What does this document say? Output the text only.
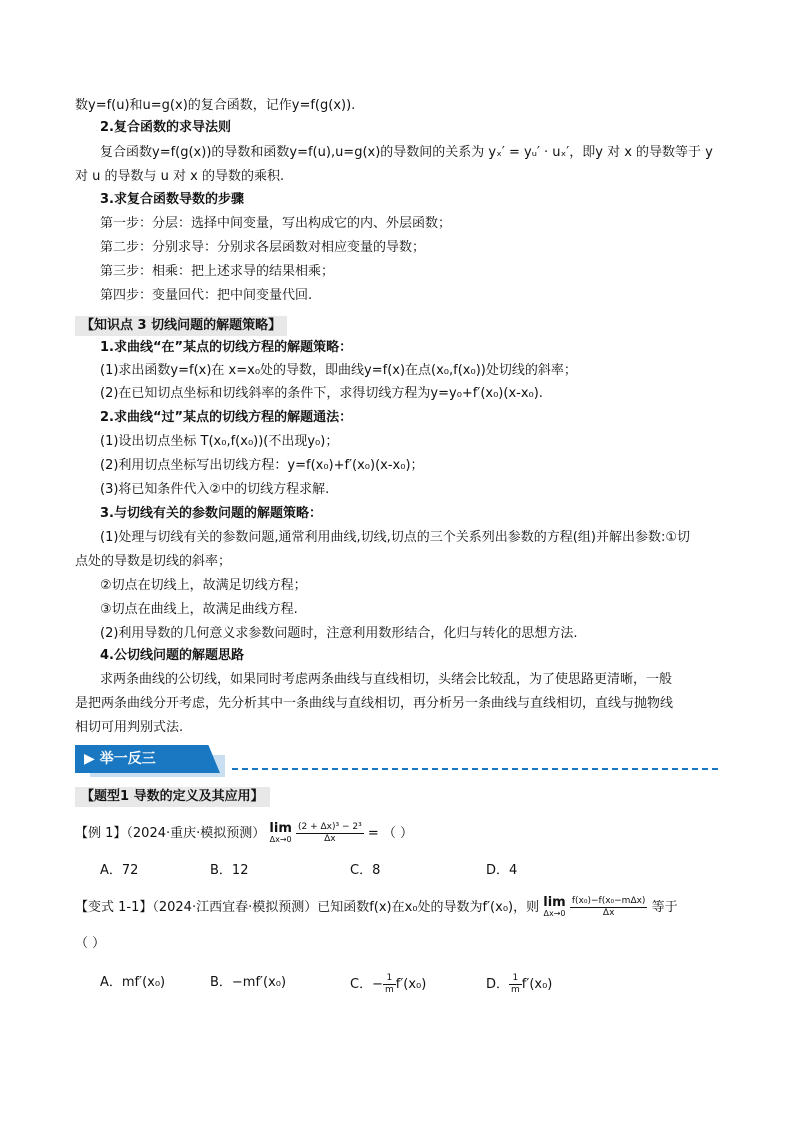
数y=f(u)和u=g(x)的复合函数，记作y=f(g(x)).
2.复合函数的求导法则
复合函数y=f(g(x))的导数和函数y=f(u),u=g(x)的导数间的关系为 yₓ′ = yᵤ′ · uₓ′，即y 对 x 的导数等于 y
对 u 的导数与 u 对 x 的导数的乘积.
3.求复合函数导数的步骤
第一步：分层：选择中间变量，写出构成它的内、外层函数；
第二步：分别求导：分别求各层函数对相应变量的导数；
第三步：相乘：把上述求导的结果相乘；
第四步：变量回代：把中间变量代回.
【知识点 3 切线问题的解题策略】
1.求曲线“在”某点的切线方程的解题策略：
(1)求出函数y=f(x)在 x=x₀处的导数，即曲线y=f(x)在点(x₀,f(x₀))处切线的斜率；
(2)在已知切点坐标和切线斜率的条件下，求得切线方程为y=y₀+f′(x₀)(x-x₀).
2.求曲线“过”某点的切线方程的解题通法：
(1)设出切点坐标 T(x₀,f(x₀))(不出现y₀)；
(2)利用切点坐标写出切线方程：y=f(x₀)+f′(x₀)(x-x₀)；
(3)将已知条件代入②中的切线方程求解.
3.与切线有关的参数问题的解题策略：
(1)处理与切线有关的参数问题,通常利用曲线,切线,切点的三个关系列出参数的方程(组)并解出参数:①切
点处的导数是切线的斜率；
②切点在切线上，故满足切线方程；
③切点在曲线上，故满足曲线方程.
(2)利用导数的几何意义求参数问题时，注意利用数形结合，化归与转化的思想方法.
4.公切线问题的解题思路
求两条曲线的公切线，如果同时考虑两条曲线与直线相切，头绪会比较乱，为了使思路更清晰，一般
是把两条曲线分开考虑，先分析其中一条曲线与直线相切，再分析另一条曲线与直线相切，直线与抛物线
相切可用判别式法.
▶ 举一反三
【题型1 导数的定义及其应用】
【例 1】（2024·重庆·模拟预测） lim
Δx→0
$\frac{\text{(2 + Δx)³ − 2³}}{\Delta x}$ = （ ）
A．72	B．12	C．8	D．4
【变式 1-1】（2024·江西宜春·模拟预测）已知函数f(x)在x₀处的导数为f′(x₀)，则 lim
Δx→0
$\frac{\text{f(x₀)−f(x₀−mΔx)}}{\Delta x}$ 等于
（ ）
A．mf′(x₀)	B．−mf′(x₀)	C．− $\frac{1}{m} f'(x_0)$	D． $\frac{1}{m} f'(x_0)$
